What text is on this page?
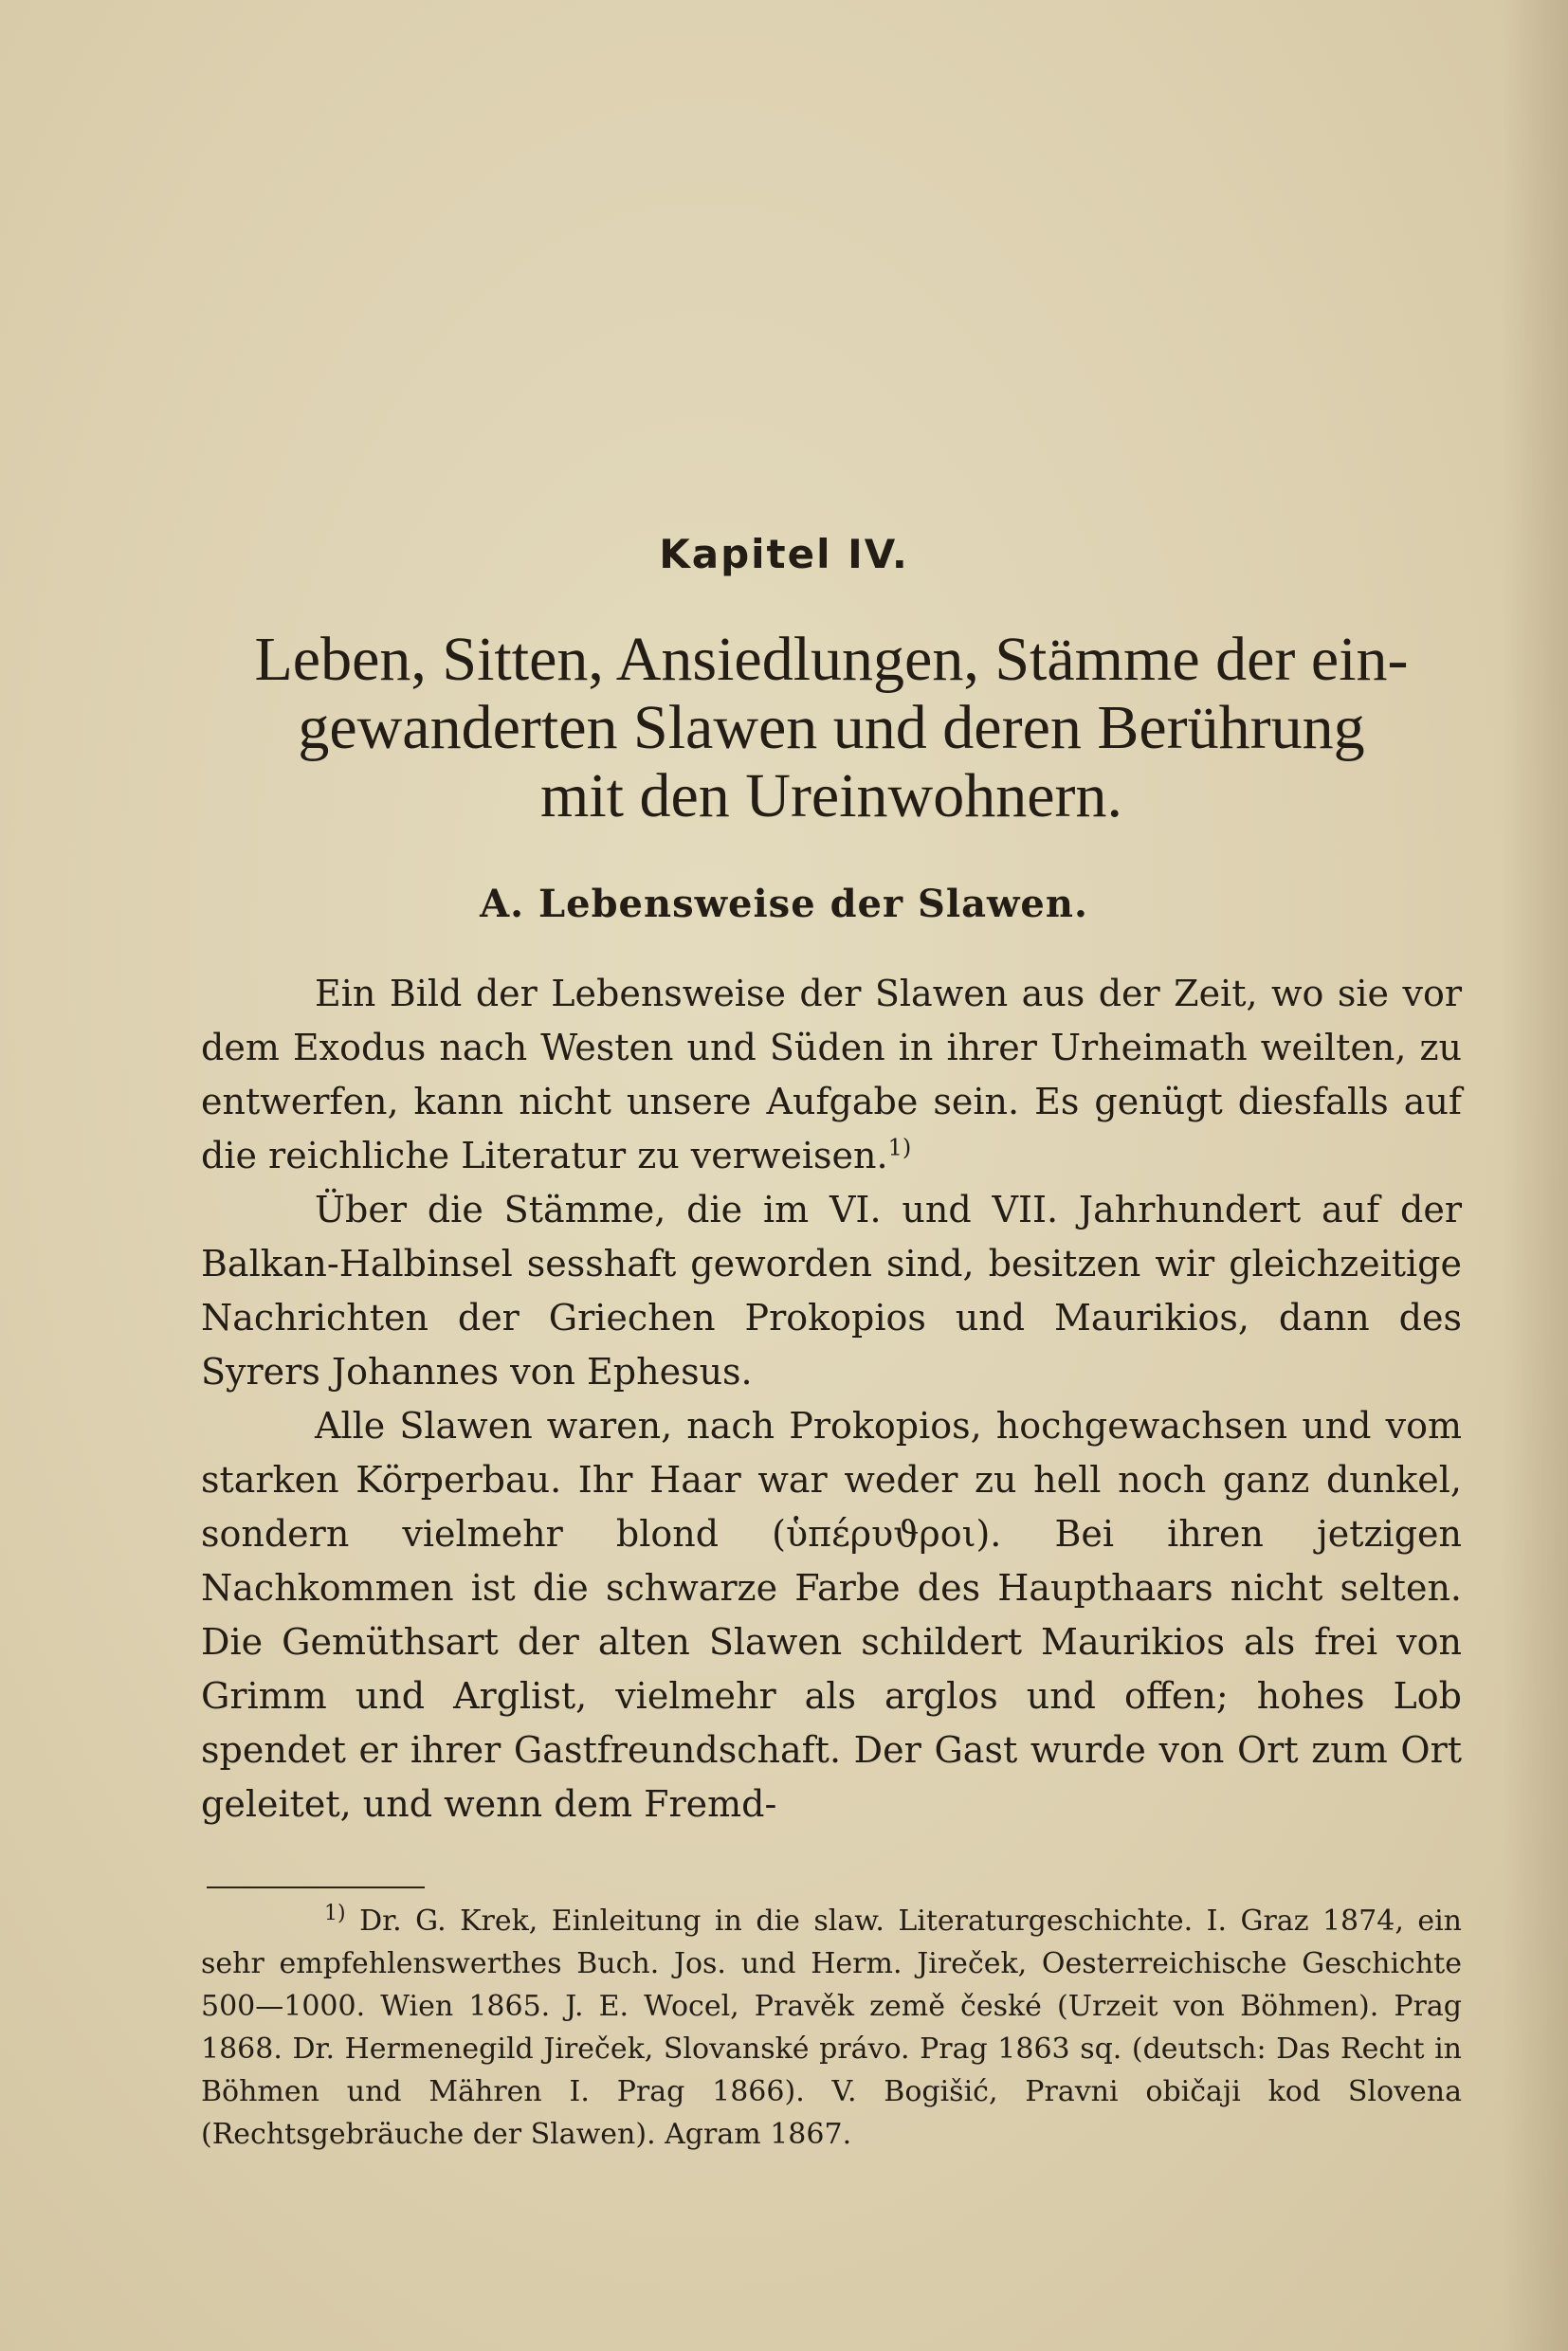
Kapitel IV.
Leben, Sitten, Ansiedlungen, Stämme der ein-
gewanderten Slawen und deren Berührung
mit den Ureinwohnern.
A. Lebensweise der Slawen.

Ein Bild der Lebensweise der Slawen aus der Zeit, wo sie vor dem Exodus nach Westen und Süden in ihrer Urheimath weilten, zu entwerfen, kann nicht unsere Aufgabe sein. Es genügt diesfalls auf die reichliche Literatur zu verweisen.$^{1)}$

Über die Stämme, die im VI. und VII. Jahrhundert auf der Balkan-Halbinsel sesshaft geworden sind, besitzen wir gleichzeitige Nachrichten der Griechen Prokopios und Maurikios, dann des Syrers Johannes von Ephesus.

Alle Slawen waren, nach Prokopios, hochgewachsen und vom starken Körperbau. Ihr Haar war weder zu hell noch ganz dunkel, sondern vielmehr blond (ὑπέρυϑροι). Bei ihren jetzigen Nachkommen ist die schwarze Farbe des Haupthaars nicht selten. Die Gemüthsart der alten Slawen schildert Maurikios als frei von Grimm und Arglist, vielmehr als arglos und offen; hohes Lob spendet er ihrer Gastfreundschaft. Der Gast wurde von Ort zum Ort geleitet, und wenn dem Fremd-

$^{1)}$ Dr. G. Krek, Einleitung in die slaw. Literaturgeschichte. I. Graz 1874, ein sehr empfehlenswerthes Buch. Jos. und Herm. Jireček, Oesterreichische Geschichte 500—1000. Wien 1865. J. E. Wocel, Pravěk země české (Urzeit von Böhmen). Prag 1868. Dr. Hermenegild Jireček, Slovanské právo. Prag 1863 sq. (deutsch: Das Recht in Böhmen und Mähren I. Prag 1866). V. Bogišić, Pravni običaji kod Slovena (Rechtsgebräuche der Slawen). Agram 1867.
